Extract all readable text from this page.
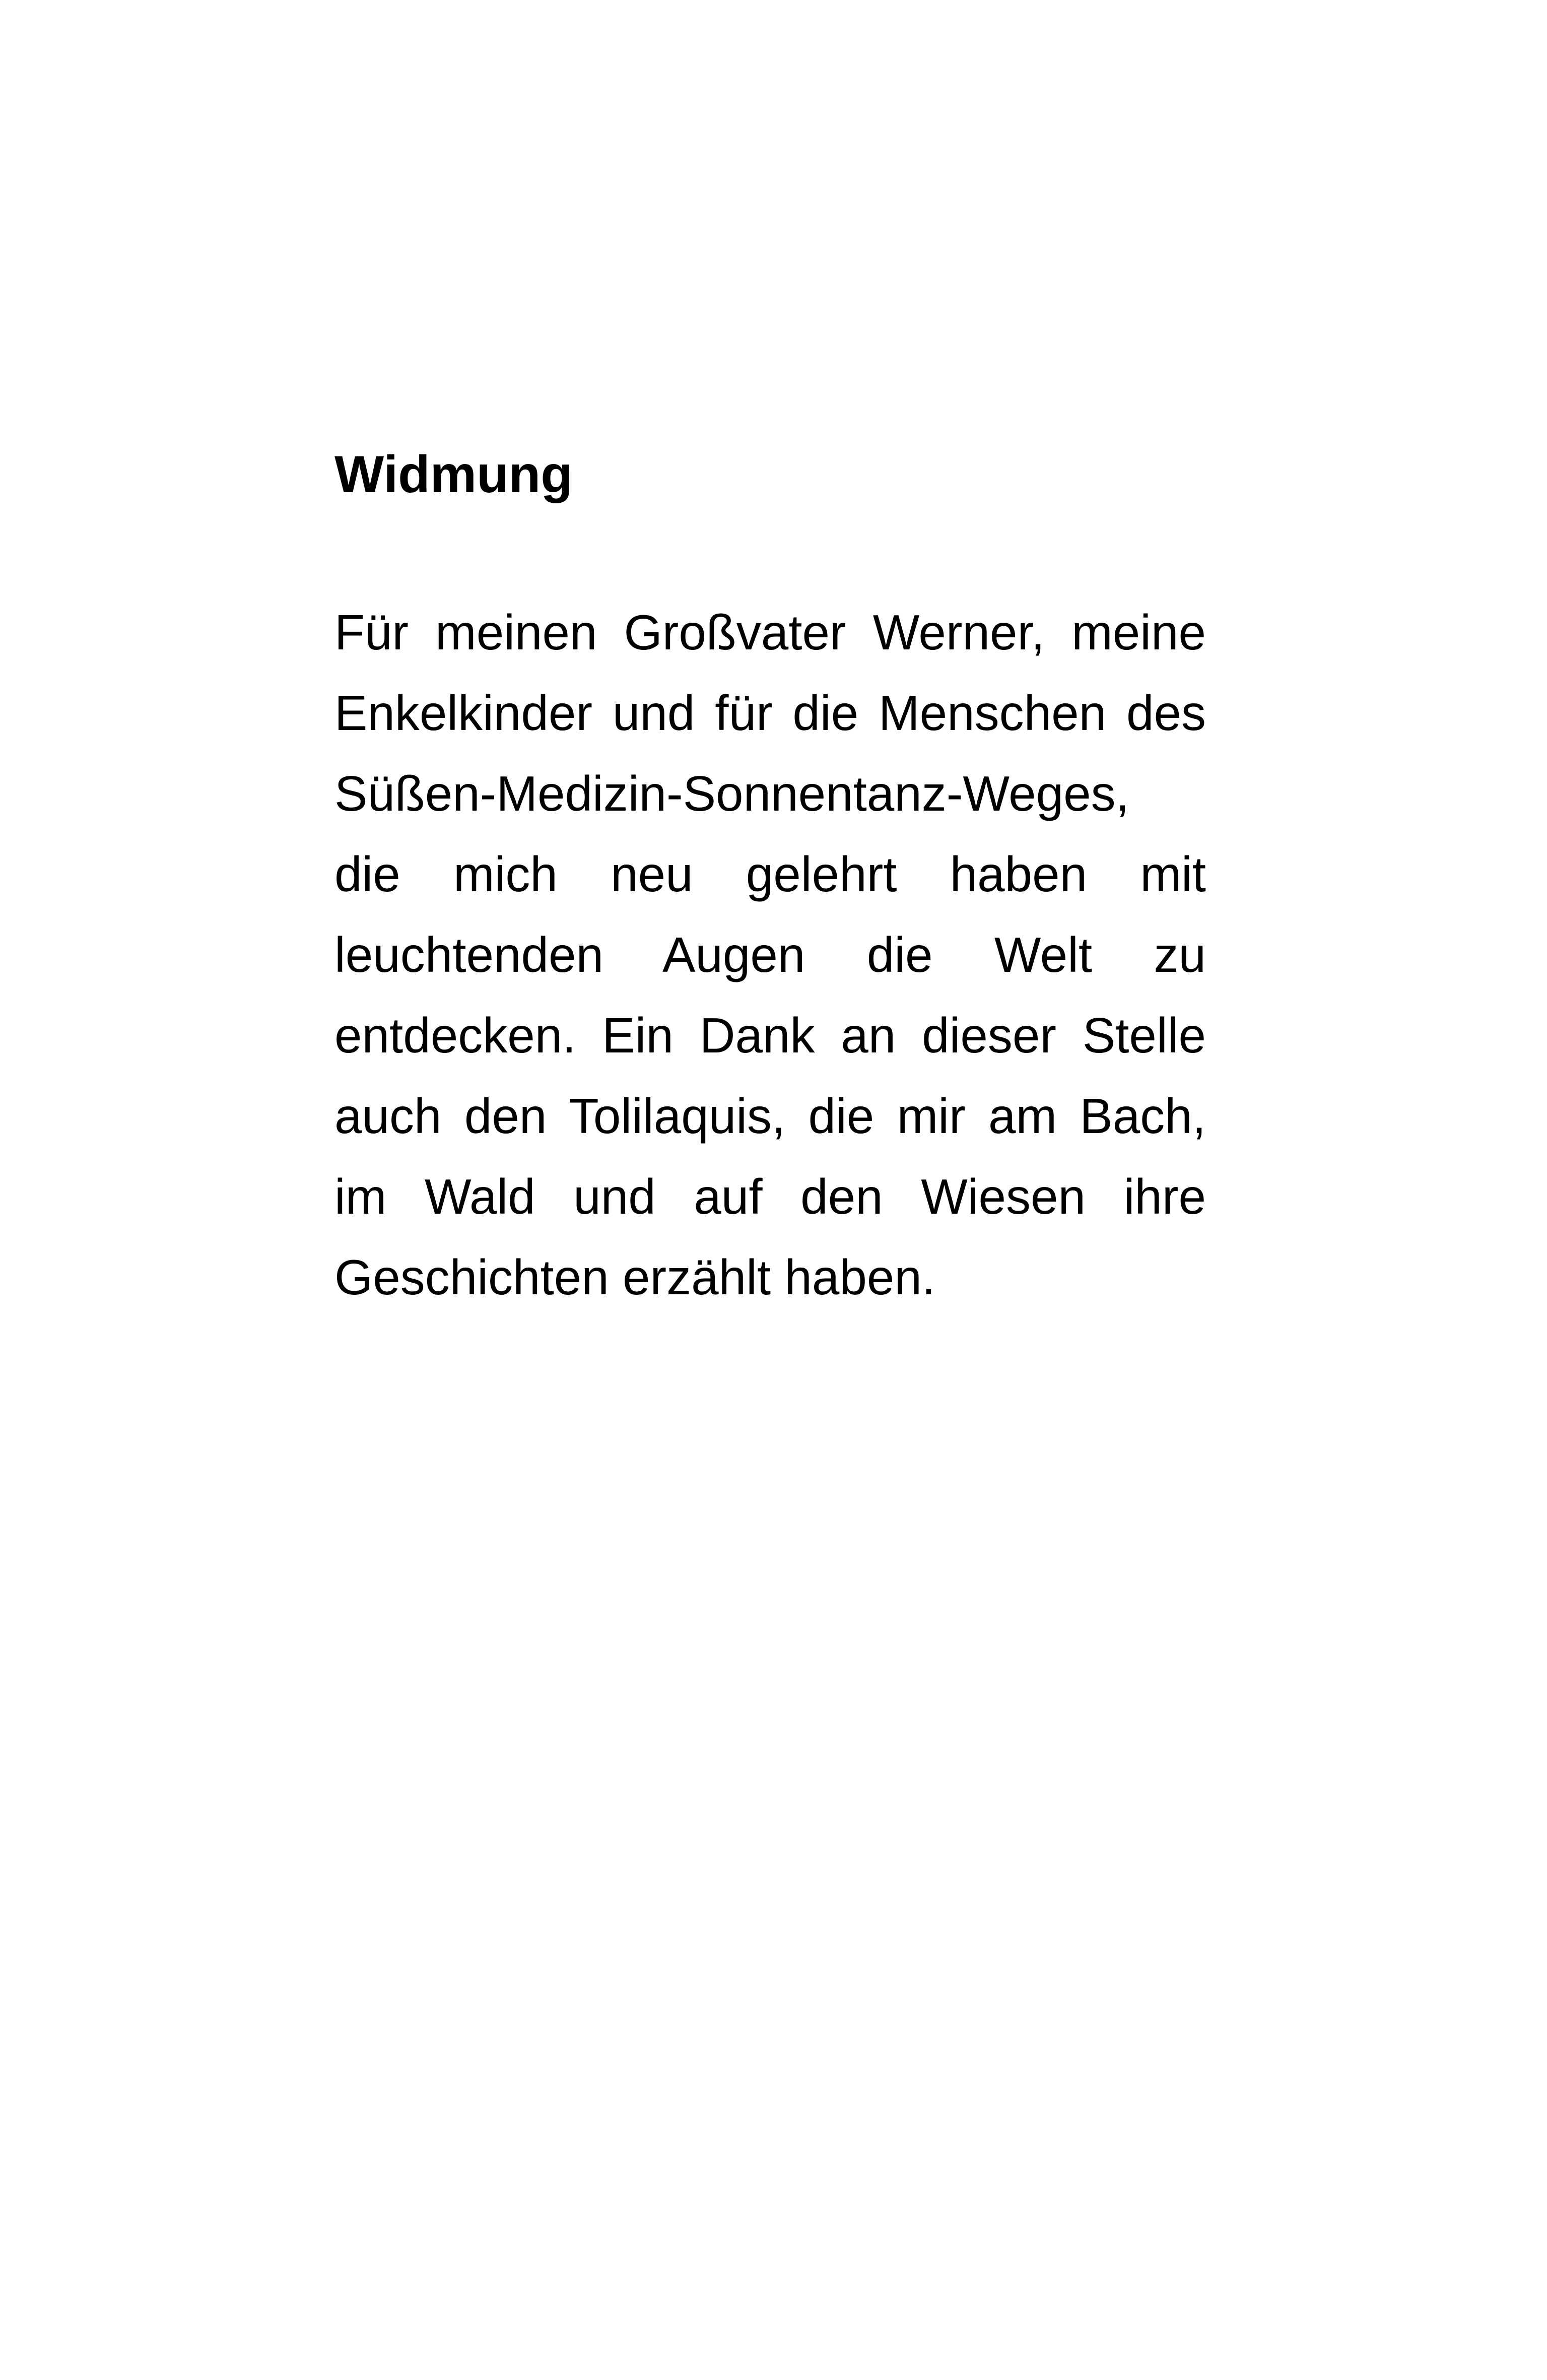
Widmung

Für meinen Großvater Werner, meine Enkelkinder und für die Menschen des Süßen-Medizin-Sonnentanz-Weges, die mich neu gelehrt haben mit leuchtenden Augen die Welt zu entdecken. Ein Dank an dieser Stelle auch den Tolilaquis, die mir am Bach, im Wald und auf den Wiesen ihre Geschichten erzählt haben.
